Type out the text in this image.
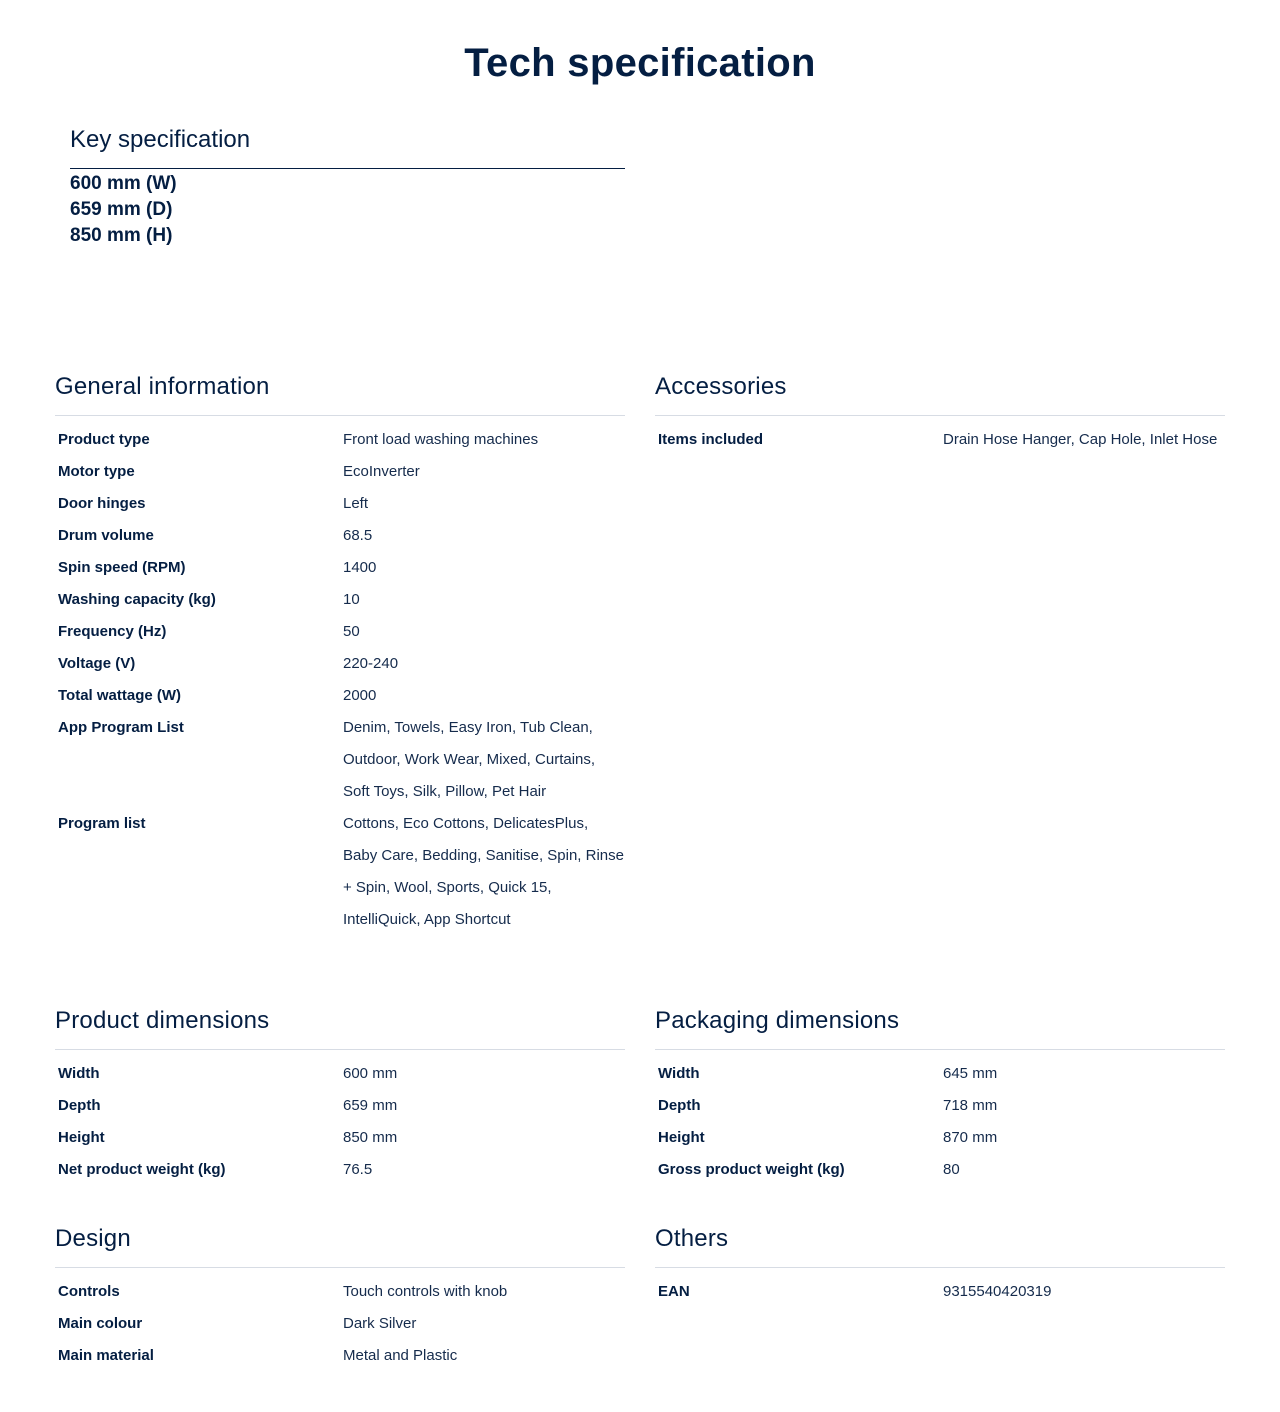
Tech specification
Key specification
600 mm (W)
659 mm (D)
850 mm (H)
General information
Product type	Front load washing machines
Motor type	EcoInverter
Door hinges	Left
Drum volume	68.5
Spin speed (RPM)	1400
Washing capacity (kg)	10
Frequency (Hz)	50
Voltage (V)	220-240
Total wattage (W)	2000
App Program List	Denim, Towels, Easy Iron, Tub Clean, Outdoor, Work Wear, Mixed, Curtains, Soft Toys, Silk, Pillow, Pet Hair
Program list	Cottons, Eco Cottons, DelicatesPlus, Baby Care, Bedding, Sanitise, Spin, Rinse + Spin, Wool, Sports, Quick 15, IntelliQuick, App Shortcut
Accessories
Items included	Drain Hose Hanger, Cap Hole, Inlet Hose
Product dimensions
Width	600 mm
Depth	659 mm
Height	850 mm
Net product weight (kg)	76.5
Packaging dimensions
Width	645 mm
Depth	718 mm
Height	870 mm
Gross product weight (kg)	80
Design
Controls	Touch controls with knob
Main colour	Dark Silver
Main material	Metal and Plastic
Others
EAN	9315540420319
